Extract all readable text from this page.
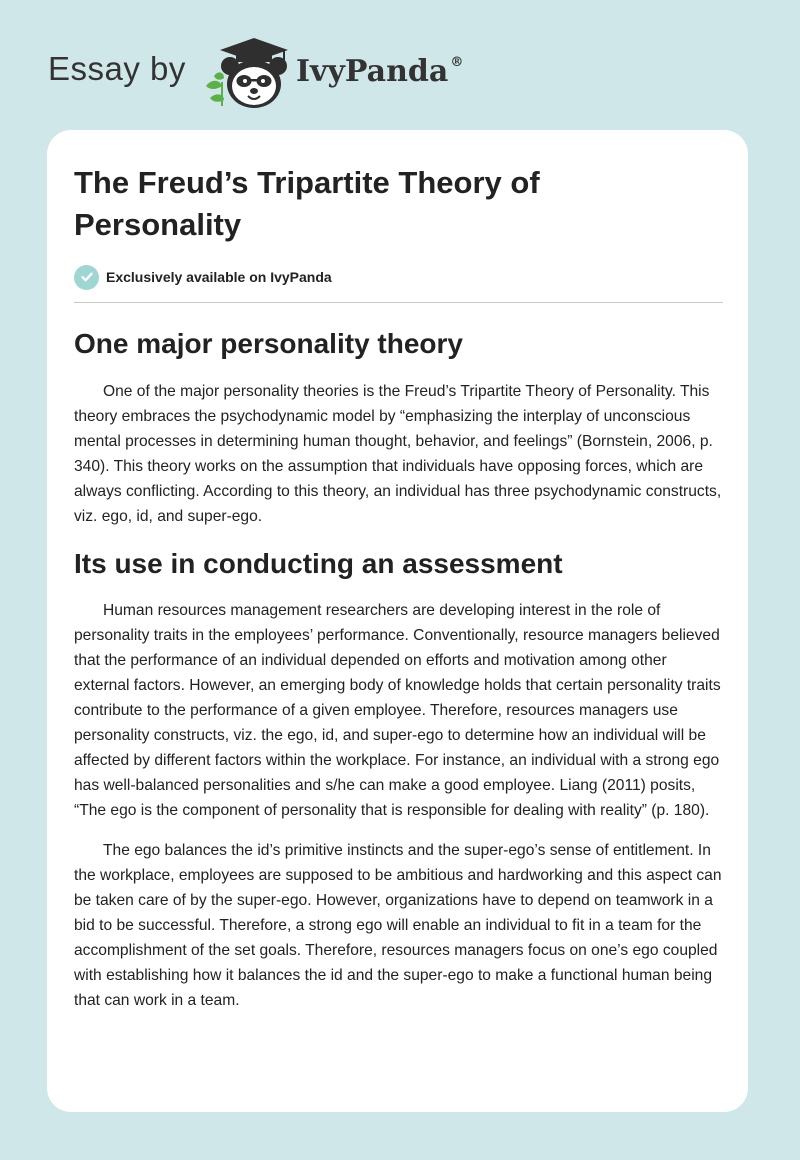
Essay by	IvyPanda ®
The Freud’s Tripartite Theory of Personality
Exclusively available on IvyPanda
One major personality theory

One of the major personality theories is the Freud’s Tripartite Theory of Personality. This theory embraces the psychodynamic model by “emphasizing the interplay of unconscious mental processes in determining human thought, behavior, and feelings” (Bornstein, 2006, p. 340). This theory works on the assumption that individuals have opposing forces, which are always conflicting. According to this theory, an individual has three psychodynamic constructs, viz. ego, id, and super-ego.

Its use in conducting an assessment

Human resources management researchers are developing interest in the role of personality traits in the employees’ performance. Conventionally, resource managers believed that the performance of an individual depended on efforts and motivation among other external factors. However, an emerging body of knowledge holds that certain personality traits contribute to the performance of a given employee. Therefore, resources managers use personality constructs, viz. the ego, id, and super-ego to determine how an individual will be affected by different factors within the workplace. For instance, an individual with a strong ego has well-balanced personalities and s/he can make a good employee. Liang (2011) posits, “The ego is the component of personality that is responsible for dealing with reality” (p. 180).

The ego balances the id’s primitive instincts and the super-ego’s sense of entitlement. In the workplace, employees are supposed to be ambitious and hardworking and this aspect can be taken care of by the super-ego. However, organizations have to depend on teamwork in a bid to be successful. Therefore, a strong ego will enable an individual to fit in a team for the accomplishment of the set goals. Therefore, resources managers focus on one’s ego coupled with establishing how it balances the id and the super-ego to make a functional human being that can work in a team.
